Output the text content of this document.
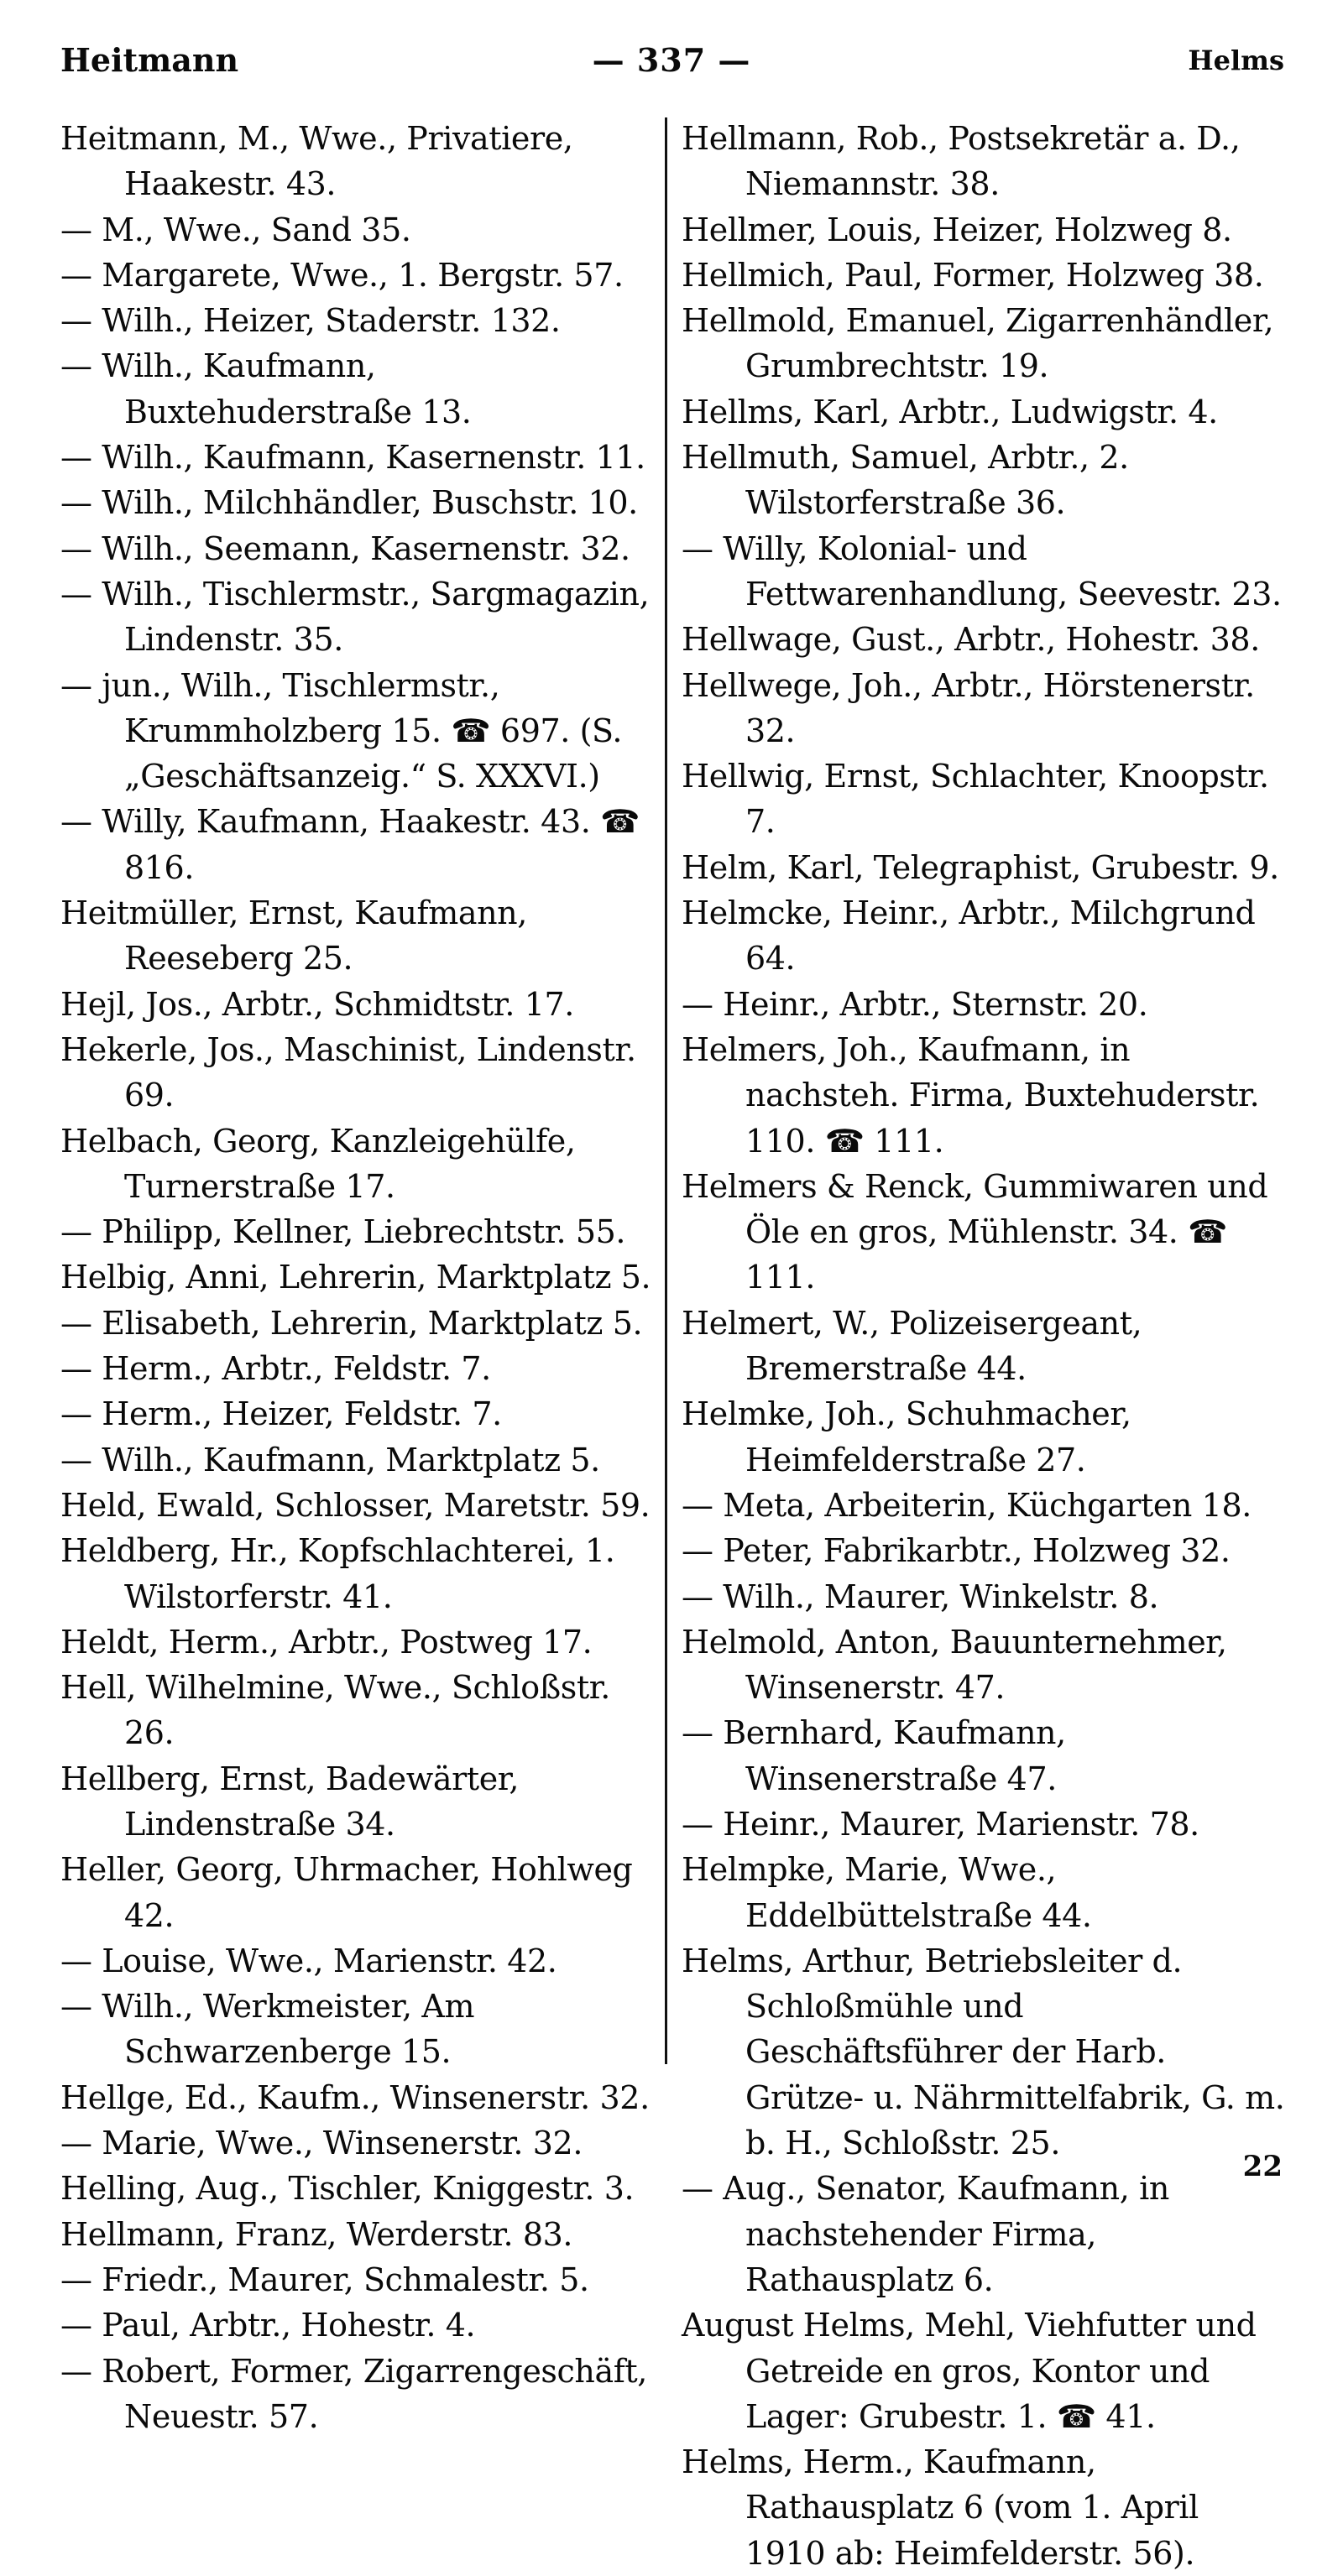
Heitmann	— 337 —	Helms

Heitmann, M., Wwe., Privatiere, Haakestr. 43.

— M., Wwe., Sand 35.

— Margarete, Wwe., 1. Bergstr. 57.

— Wilh., Heizer, Staderstr. 132.

— Wilh., Kaufmann, Buxtehuderstraße 13.

— Wilh., Kaufmann, Kasernenstr. 11.

— Wilh., Milchhändler, Buschstr. 10.

— Wilh., Seemann, Kasernenstr. 32.

— Wilh., Tischlermstr., Sargmagazin, Lindenstr. 35.

— jun., Wilh., Tischlermstr., Krummholzberg 15. ☎ 697. (S. „Geschäftsanzeig.“ S. XXXVI.)

— Willy, Kaufmann, Haakestr. 43. ☎ 816.

Heitmüller, Ernst, Kaufmann, Reeseberg 25.

Hejl, Jos., Arbtr., Schmidtstr. 17.

Hekerle, Jos., Maschinist, Lindenstr. 69.

Helbach, Georg, Kanzleigehülfe, Turnerstraße 17.

— Philipp, Kellner, Liebrechtstr. 55.

Helbig, Anni, Lehrerin, Marktplatz 5.

— Elisabeth, Lehrerin, Marktplatz 5.

— Herm., Arbtr., Feldstr. 7.

— Herm., Heizer, Feldstr. 7.

— Wilh., Kaufmann, Marktplatz 5.

Held, Ewald, Schlosser, Maretstr. 59.

Heldberg, Hr., Kopfschlachterei, 1. Wilstorferstr. 41.

Heldt, Herm., Arbtr., Postweg 17.

Hell, Wilhelmine, Wwe., Schloßstr. 26.

Hellberg, Ernst, Badewärter, Lindenstraße 34.

Heller, Georg, Uhrmacher, Hohlweg 42.

— Louise, Wwe., Marienstr. 42.

— Wilh., Werkmeister, Am Schwarzenberge 15.

Hellge, Ed., Kaufm., Winsenerstr. 32.

— Marie, Wwe., Winsenerstr. 32.

Helling, Aug., Tischler, Kniggestr. 3.

Hellmann, Franz, Werderstr. 83.

— Friedr., Maurer, Schmalestr. 5.

— Paul, Arbtr., Hohestr. 4.

— Robert, Former, Zigarrengeschäft, Neuestr. 57.

Hellmann, Rob., Postsekretär a. D., Niemannstr. 38.

Hellmer, Louis, Heizer, Holzweg 8.

Hellmich, Paul, Former, Holzweg 38.

Hellmold, Emanuel, Zigarrenhändler, Grumbrechtstr. 19.

Hellms, Karl, Arbtr., Ludwigstr. 4.

Hellmuth, Samuel, Arbtr., 2. Wilstorferstraße 36.

— Willy, Kolonial- und Fettwarenhandlung, Seevestr. 23.

Hellwage, Gust., Arbtr., Hohestr. 38.

Hellwege, Joh., Arbtr., Hörstenerstr. 32.

Hellwig, Ernst, Schlachter, Knoopstr. 7.

Helm, Karl, Telegraphist, Grubestr. 9.

Helmcke, Heinr., Arbtr., Milchgrund 64.

— Heinr., Arbtr., Sternstr. 20.

Helmers, Joh., Kaufmann, in nachsteh. Firma, Buxtehuderstr. 110. ☎ 111.

Helmers & Renck, Gummiwaren und Öle en gros, Mühlenstr. 34. ☎ 111.

Helmert, W., Polizeisergeant, Bremerstraße 44.

Helmke, Joh., Schuhmacher, Heimfelderstraße 27.

— Meta, Arbeiterin, Küchgarten 18.

— Peter, Fabrikarbtr., Holzweg 32.

— Wilh., Maurer, Winkelstr. 8.

Helmold, Anton, Bauunternehmer, Winsenerstr. 47.

— Bernhard, Kaufmann, Winsenerstraße 47.

— Heinr., Maurer, Marienstr. 78.

Helmpke, Marie, Wwe., Eddelbüttelstraße 44.

Helms, Arthur, Betriebsleiter d. Schloßmühle und Geschäftsführer der Harb. Grütze- u. Nährmittelfabrik, G. m. b. H., Schloßstr. 25.

— Aug., Senator, Kaufmann, in nachstehender Firma, Rathausplatz 6.

August Helms, Mehl, Viehfutter und Getreide en gros, Kontor und Lager: Grubestr. 1. ☎ 41.

Helms, Herm., Kaufmann, Rathausplatz 6 (vom 1. April 1910 ab: Heimfelderstr. 56).

22
